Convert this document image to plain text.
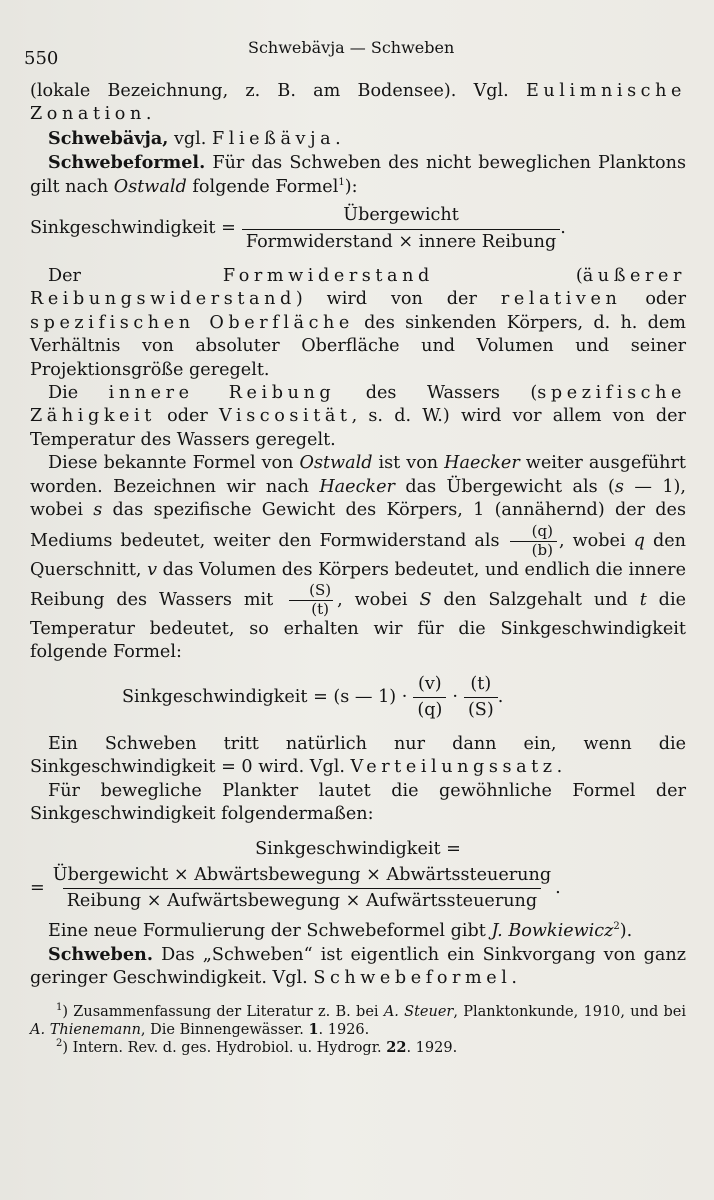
550
Schwebävja — Schweben

(lokale Bezeichnung, z. B. am Bodensee). Vgl. Eulimnische Zonation.

Schwebävja, vgl. Fließävja.

Schwebeformel. Für das Schweben des nicht beweglichen Planktons gilt nach Ostwald folgende Formel$^1$):

Sinkgeschwindigkeit = $\frac{\text{Übergewicht}}{\text{Formwiderstand × innere Reibung}}$ .

Der Formwiderstand (äußerer Reibungswiderstand) wird von der relativen oder spezifischen Oberfläche des sinkenden Körpers, d. h. dem Verhältnis von absoluter Oberfläche und Volumen und seiner Projektionsgröße geregelt.

Die innere Reibung des Wassers (spezifische Zähigkeit oder Viscosität, s. d. W.) wird vor allem von der Temperatur des Wassers geregelt.

Diese bekannte Formel von Ostwald ist von Haecker weiter ausgeführt worden. Bezeichnen wir nach Haecker das Übergewicht als (s — 1), wobei s das spezifische Gewicht des Körpers, 1 (annähernd) der des Mediums bedeutet, weiter den Formwiderstand als $\frac{(q)}{(b)}$ , wobei q den Querschnitt, v das Volumen des Körpers bedeutet, und endlich die innere Reibung des Wassers mit $\frac{(S)}{(t)}$ , wobei S den Salzgehalt und t die Temperatur bedeutet, so erhalten wir für die Sinkgeschwindigkeit folgende Formel:

Sinkgeschwindigkeit = (s — $1) \cdot \frac{(v)}{(q)} \cdot \frac{(t)}{(S)}$ .

Ein Schweben tritt natürlich nur dann ein, wenn die Sinkgeschwindigkeit = 0 wird. Vgl. Verteilungssatz.

Für bewegliche Plankter lautet die gewöhnliche Formel der Sinkgeschwindigkeit folgendermaßen:

Sinkgeschwindigkeit =
= $\frac{\text{Übergewicht × Abwärtsbewegung × Abwärtssteuerung}}{\text{Reibung × Aufwärtsbewegung × Aufwärtssteuerung}}$ .

Eine neue Formulierung der Schwebeformel gibt J. Bowkiewicz$^2$).

Schweben. Das „Schweben“ ist eigentlich ein Sinkvorgang von ganz geringer Geschwindigkeit. Vgl. Schwebeformel.

$^1$) Zusammenfassung der Literatur z. B. bei A. Steuer, Planktonkunde, 1910, und bei A. Thienemann, Die Binnengewässer. 1. 1926.

$^2$) Intern. Rev. d. ges. Hydrobiol. u. Hydrogr. 22. 1929.
